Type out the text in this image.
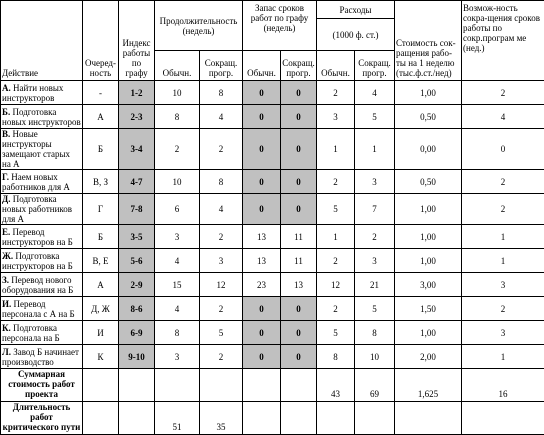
Действие	Очеред-ность	Индекс работы по графу	Продолжительность (недель)		Запас сроков работ по графу (недель)		Расходы		Стоимость сок-ращения рабо-ты на 1 неделю (тыс.ф.ст./нед)	Возмож-ность сокра-щения сроков работы по сокр.програм ме (нед.)
							(1000 ф. ст.)			
			Обычн.	Сокращ. прогр.	Обычн.	Сокращ. прогр.	Обычн.	Сокращ. прогр.		
А. Найти новых инструкторов	-	1-2	10	8	0	0	2	4	1,00	2
Б. Подготовка новых инструкторов	А	2-3	8	4	0	0	3	5	0,50	4
В. Новые инструкторы замещают старых на А	Б	3-4	2	2	0	0	1	1	0,00	0
Г. Наем новых работников для А	В, З	4-7	10	8	0	0	2	3	0,50	2
Д. Подготовка новых работников для А	Г	7-8	6	4	0	0	5	7	1,00	2
Е. Перевод инструкторов на Б	Б	3-5	3	2	13	11	1	2	1,00	1
Ж. Подготовка инструкторов на Б	В, Е	5-6	4	3	13	11	2	3	1,00	1
З. Перевод нового оборудования на Б	А	2-9	15	12	23	13	12	21	3,00	3
И. Перевод персонала с А на Б	Д, Ж	8-6	4	2	0	0	2	5	1,50	2
К. Подготовка персонала на Б	И	6-9	8	5	0	0	5	8	1,00	3
Л. Завод Б начинает производство	К	9-10	3	2	0	0	8	10	2,00	1
Суммарная стоимость работ проекта							43	69	1,625	16
Длительность работ критического пути			51	35						
